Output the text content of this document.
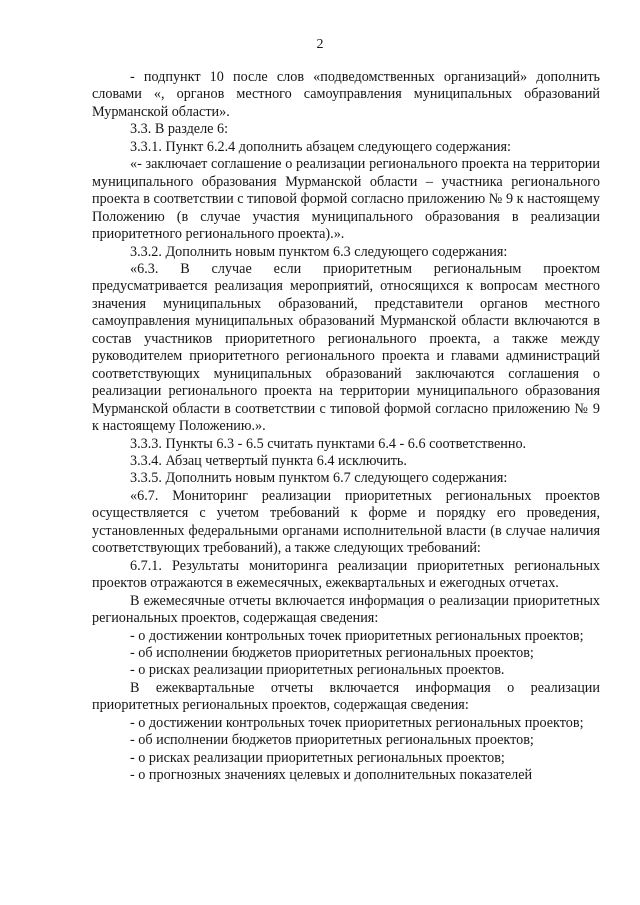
2

- подпункт 10 после слов «подведомственных организаций» дополнить словами «, органов местного самоуправления муниципальных образований Мурманской области».

3.3. В разделе 6:

3.3.1. Пункт 6.2.4 дополнить абзацем следующего содержания:

«- заключает соглашение о реализации регионального проекта на территории муниципального образования Мурманской области – участника регионального проекта в соответствии с типовой формой согласно приложению № 9 к настоящему Положению (в случае участия муниципального образования в реализации приоритетного регионального проекта).».

3.3.2. Дополнить новым пунктом 6.3 следующего содержания:

«6.3. В случае если приоритетным региональным проектом предусматривается реализация мероприятий, относящихся к вопросам местного значения муниципальных образований, представители органов местного самоуправления муниципальных образований Мурманской области включаются в состав участников приоритетного регионального проекта, а также между руководителем приоритетного регионального проекта и главами администраций соответствующих муниципальных образований заключаются соглашения о реализации регионального проекта на территории муниципального образования Мурманской области в соответствии с типовой формой согласно приложению № 9 к настоящему Положению.».

3.3.3. Пункты 6.3 - 6.5 считать пунктами 6.4 - 6.6 соответственно.

3.3.4. Абзац четвертый пункта 6.4 исключить.

3.3.5. Дополнить новым пунктом 6.7 следующего содержания:

«6.7. Мониторинг реализации приоритетных региональных проектов осуществляется с учетом требований к форме и порядку его проведения, установленных федеральными органами исполнительной власти (в случае наличия соответствующих требований), а также следующих требований:

6.7.1. Результаты мониторинга реализации приоритетных региональных проектов отражаются в ежемесячных, ежеквартальных и ежегодных отчетах.

В ежемесячные отчеты включается информация о реализации приоритетных региональных проектов, содержащая сведения:

- о достижении контрольных точек приоритетных региональных проектов;

- об исполнении бюджетов приоритетных региональных проектов;

- о рисках реализации приоритетных региональных проектов.

В ежеквартальные отчеты включается информация о реализации приоритетных региональных проектов, содержащая сведения:

- о достижении контрольных точек приоритетных региональных проектов;

- об исполнении бюджетов приоритетных региональных проектов;

- о рисках реализации приоритетных региональных проектов;

- о прогнозных значениях целевых и дополнительных показателей
